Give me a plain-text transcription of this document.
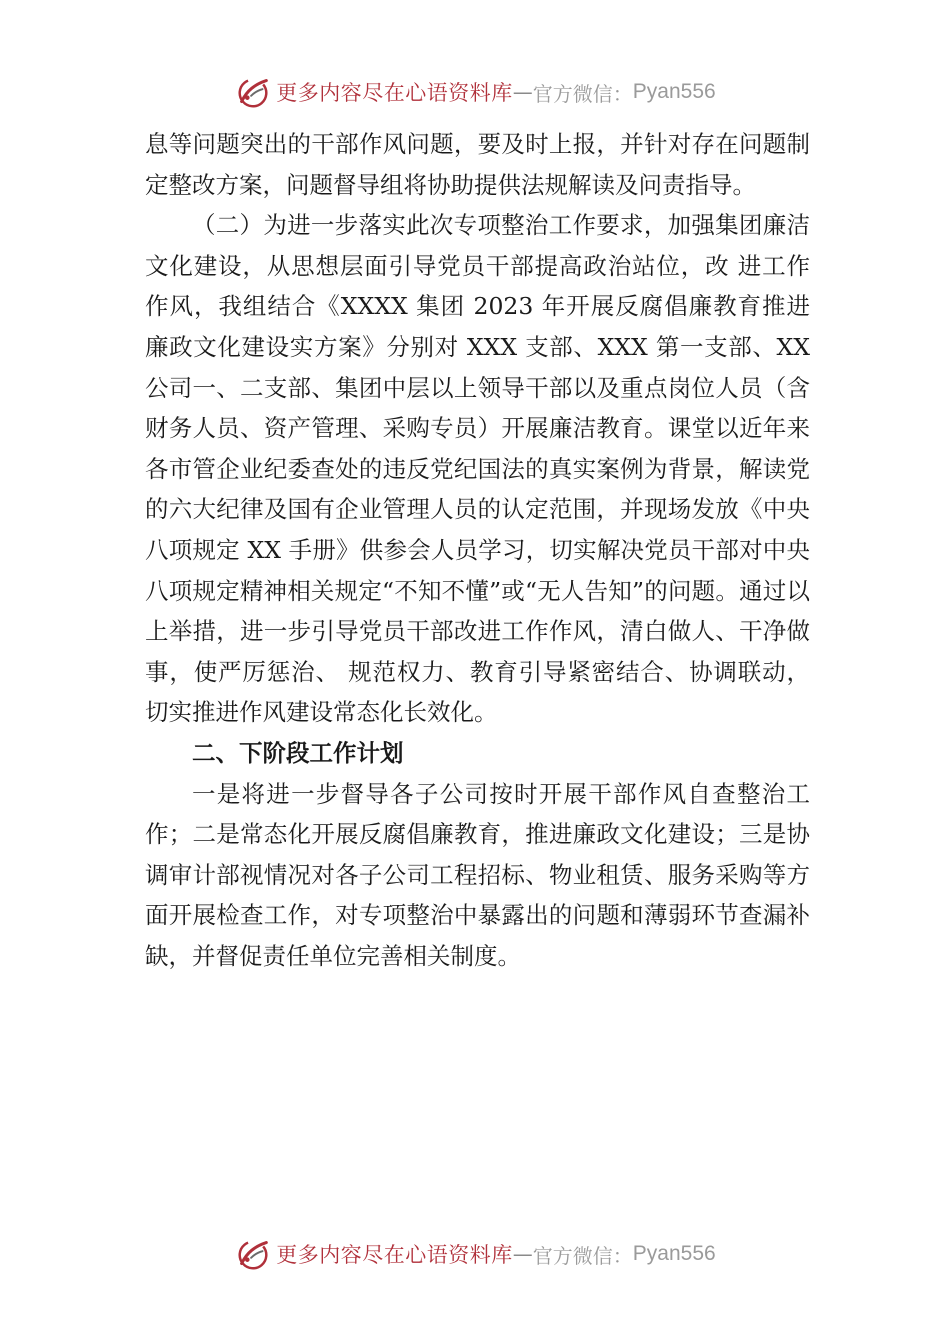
更多内容尽在心语资料库 — 官方微信： Pyan556

息等问题突出的干部作风问题，要及时上报，并针对存在问题制定整改方案，问题督导组将协助提供法规解读及问责指导。

（二）为进一步落实此次专项整治工作要求，加强集团廉洁文化建设，从思想层面引导党员干部提高政治站位，改 进工作作风，我组结合《XXXX 集团 2023 年开展反腐倡廉教育推进廉政文化建设实方案》分别对 XXX 支部、XXX 第一支部、XX 公司一、二支部、集团中层以上领导干部以及重点岗位人员（含财务人员、资产管理、采购专员）开展廉洁教育。课堂以近年来各市管企业纪委查处的违反党纪国法的真实案例为背景，解读党的六大纪律及国有企业管理人员的认定范围，并现场发放《中央八项规定 XX 手册》供参会人员学习，切实解决党员干部对中央八项规定精神相关规定“不知不懂”或“无人告知”的问题。通过以上举措，进一步引导党员干部改进工作作风，清白做人、干净做事，使严厉惩治、 规范权力、教育引导紧密结合、协调联动，切实推进作风建设常态化长效化。

二、下阶段工作计划

一是将进一步督导各子公司按时开展干部作风自查整治工作；二是常态化开展反腐倡廉教育，推进廉政文化建设；三是协调审计部视情况对各子公司工程招标、物业租赁、服务采购等方面开展检查工作，对专项整治中暴露出的问题和薄弱环节查漏补缺，并督促责任单位完善相关制度。

更多内容尽在心语资料库 — 官方微信： Pyan556
